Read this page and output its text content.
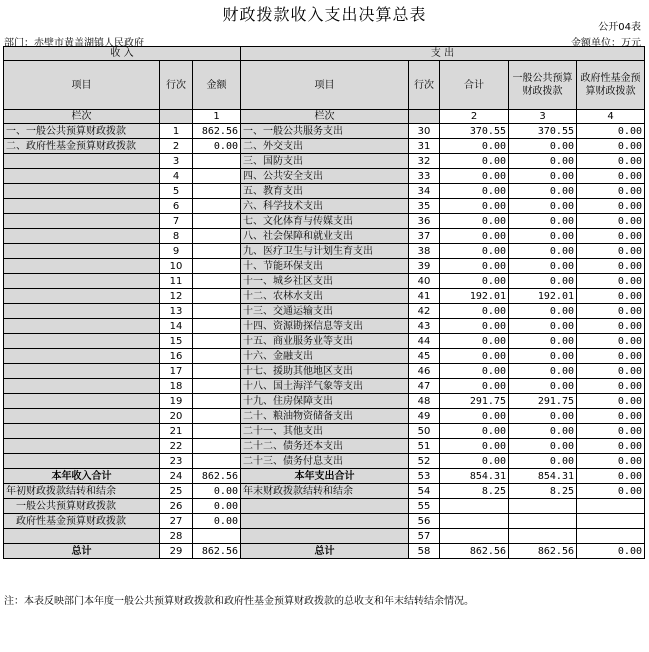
财政拨款收入支出决算总表
公开04表
部门：赤壁市黄盖湖镇人民政府	金额单位：万元
收 入			支 出				
项目	行次	金额	项目	行次	合计	一般公共预算财政拨款	政府性基金预算财政拨款
栏次		1	栏次		2	3	4
一、一般公共预算财政拨款	1	862.56	一、一般公共服务支出	30	370.55	370.55	0.00
二、政府性基金预算财政拨款	2	0.00	二、外交支出	31	0.00	0.00	0.00
	3		三、国防支出	32	0.00	0.00	0.00
	4		四、公共安全支出	33	0.00	0.00	0.00
	5		五、教育支出	34	0.00	0.00	0.00
	6		六、科学技术支出	35	0.00	0.00	0.00
	7		七、文化体育与传媒支出	36	0.00	0.00	0.00
	8		八、社会保障和就业支出	37	0.00	0.00	0.00
	9		九、医疗卫生与计划生育支出	38	0.00	0.00	0.00
	10		十、节能环保支出	39	0.00	0.00	0.00
	11		十一、城乡社区支出	40	0.00	0.00	0.00
	12		十二、农林水支出	41	192.01	192.01	0.00
	13		十三、交通运输支出	42	0.00	0.00	0.00
	14		十四、资源勘探信息等支出	43	0.00	0.00	0.00
	15		十五、商业服务业等支出	44	0.00	0.00	0.00
	16		十六、金融支出	45	0.00	0.00	0.00
	17		十七、援助其他地区支出	46	0.00	0.00	0.00
	18		十八、国土海洋气象等支出	47	0.00	0.00	0.00
	19		十九、住房保障支出	48	291.75	291.75	0.00
	20		二十、粮油物资储备支出	49	0.00	0.00	0.00
	21		二十一、其他支出	50	0.00	0.00	0.00
	22		二十二、债务还本支出	51	0.00	0.00	0.00
	23		二十三、债务付息支出	52	0.00	0.00	0.00
本年收入合计	24	862.56	本年支出合计	53	854.31	854.31	0.00
年初财政拨款结转和结余	25	0.00	年末财政拨款结转和结余	54	8.25	8.25	0.00
一般公共预算财政拨款	26	0.00		55			
政府性基金预算财政拨款	27	0.00		56			
	28			57			
总计	29	862.56	总计	58	862.56	862.56	0.00
注：本表反映部门本年度一般公共预算财政拨款和政府性基金预算财政拨款的总收支和年末结转结余情况。
